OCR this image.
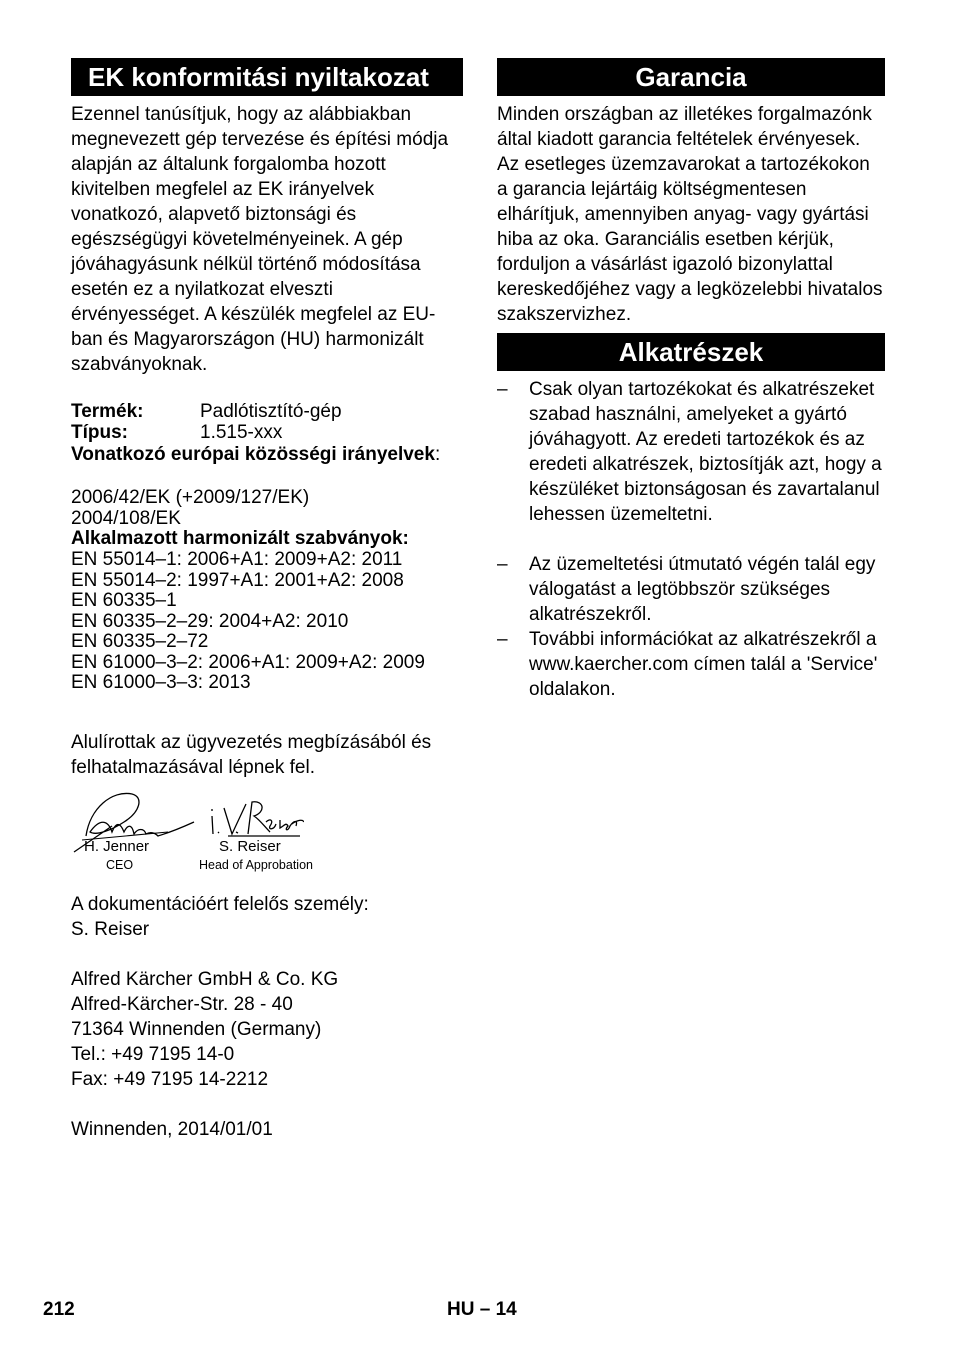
EK konformitási nyiltakozat

Ezennel tanúsítjuk, hogy az alábbiakban megnevezett gép tervezése és építési módja alapján az általunk forgalomba hozott kivitelben megfelel az EK irányelvek vonatkozó, alapvető biztonsági és egészségügyi követelményeinek. A gép jóváhagyásunk nélkül történő módosítása esetén ez a nyilatkozat elveszti érvényességet. A készülék megfelel az EU-ban és Magyarországon (HU) harmonizált szabványoknak.

Termék:	Padlótisztító-gép
Típus:	1.515-xxx
Vonatkozó európai közösségi irányelvek:
2006/42/EK (+2009/127/EK)
2004/108/EK
Alkalmazott harmonizált szabványok:
EN 55014–1: 2006+A1: 2009+A2: 2011
EN 55014–2: 1997+A1: 2001+A2: 2008
EN 60335–1
EN 60335–2–29: 2004+A2: 2010
EN 60335–2–72
EN 61000–3–2: 2006+A1: 2009+A2: 2009
EN 61000–3–3: 2013

Alulírottak az ügyvezetés megbízásából és felhatalmazásával lépnek fel.

H. Jenner
CEO
S. Reiser
Head of Approbation
A dokumentációért felelős személy:
S. Reiser
Alfred Kärcher GmbH & Co. KG
Alfred-Kärcher-Str. 28 - 40
71364 Winnenden (Germany)
Tel.: +49 7195 14-0
Fax: +49 7195 14-2212
Winnenden, 2014/01/01
Garancia

Minden országban az illetékes forgalmazónk által kiadott garancia feltételek érvényesek. Az esetleges üzemzavarokat a tartozékokon a garancia lejártáig költségmentesen elhárítjuk, amennyiben anyag- vagy gyártási hiba az oka. Garanciális esetben kérjük, forduljon a vásárlást igazoló bizonylattal kereskedőjéhez vagy a legközelebbi hivatalos szakszervizhez.

Alkatrészek
– Csak olyan tartozékokat és alkatrészeket szabad használni, amelyeket a gyártó jóváhagyott. Az eredeti tartozékok és az eredeti alkatrészek, biztosítják azt, hogy a készüléket biztonságosan és zavartalanul lehessen üzemeltetni.
– Az üzemeltetési útmutató végén talál egy válogatást a legtöbbször szükséges alkatrészekről.
– További információkat az alkatrészekről a www.kaercher.com címen talál a 'Service' oldalakon.
212	HU – 14
